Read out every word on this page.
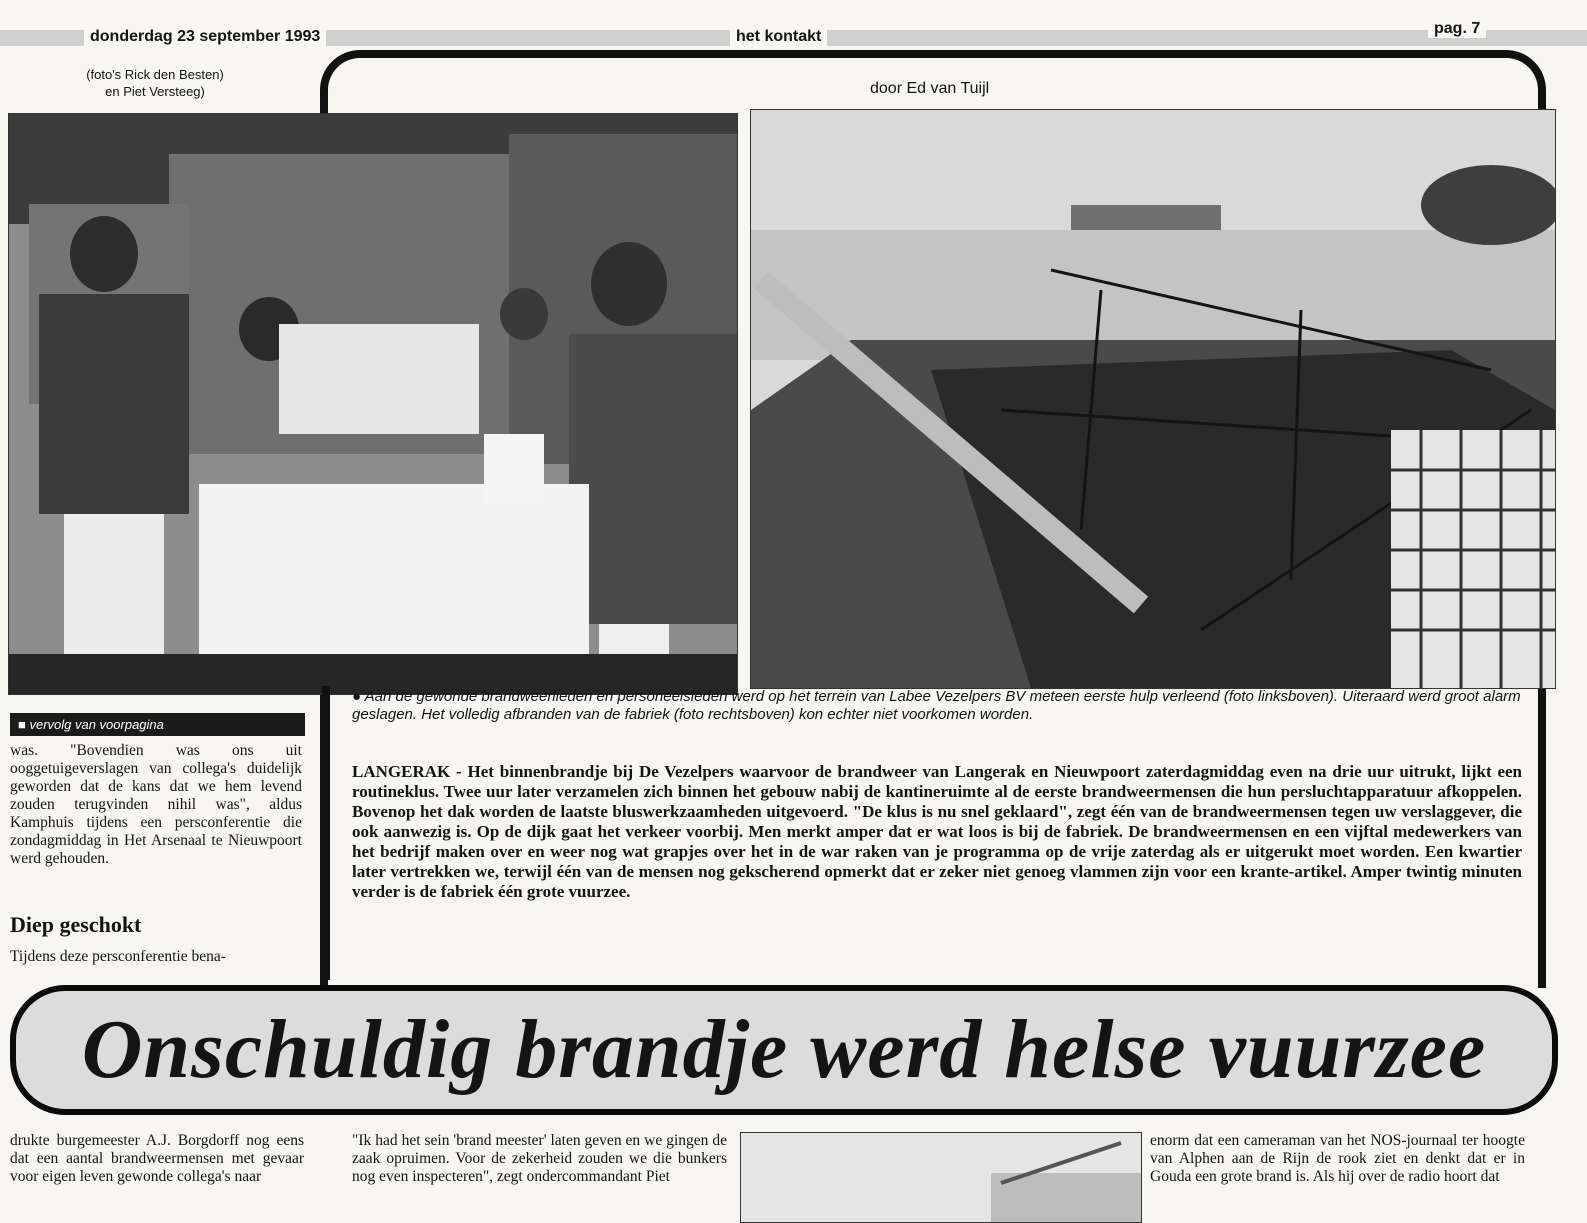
donderdag 23 september 1993	het kontakt	pag. 7
(foto's Rick den Besten)
en Piet Versteeg)	door Ed van Tuijl
■ vervolg van voorpagina
was. "Bovendien was ons uit ooggetuigeverslagen van collega's duidelijk geworden dat de kans dat we hem levend zouden terugvinden nihil was", aldus Kamphuis tijdens een persconferentie die zondagmiddag in Het Arsenaal te Nieuwpoort werd gehouden.
Diep geschokt
Tijdens deze persconferentie bena-
● Aan de gewonde brandweerlieden en personeelsleden werd op het terrein van Labee Vezelpers BV meteen eerste hulp verleend (foto linksboven). Uiteraard werd groot alarm geslagen. Het volledig afbranden van de fabriek (foto rechtsboven) kon echter niet voorkomen worden.
LANGERAK - Het binnenbrandje bij De Vezelpers waarvoor de brandweer van Langerak en Nieuwpoort zaterdagmiddag even na drie uur uitrukt, lijkt een routineklus. Twee uur later verzamelen zich binnen het gebouw nabij de kantineruimte al de eerste brandweermensen die hun persluchtapparatuur afkoppelen. Bovenop het dak worden de laatste bluswerkzaamheden uitgevoerd. "De klus is nu snel geklaard", zegt één van de brandweermensen tegen uw verslaggever, die ook aanwezig is. Op de dijk gaat het verkeer voorbij. Men merkt amper dat er wat loos is bij de fabriek. De brandweermensen en een vijftal medewerkers van het bedrijf maken over en weer nog wat grapjes over het in de war raken van je programma op de vrije zaterdag als er uitgerukt moet worden. Een kwartier later vertrekken we, terwijl één van de mensen nog gekscherend opmerkt dat er zeker niet genoeg vlammen zijn voor een krante-artikel. Amper twintig minuten verder is de fabriek één grote vuurzee.
Onschuldig brandje werd helse vuurzee
drukte burgemeester A.J. Borgdorff nog eens dat een aantal brandweermensen met gevaar voor eigen leven gewonde collega's naar
"Ik had het sein 'brand meester' laten geven en we gingen de zaak opruimen. Voor de zekerheid zouden we die bunkers nog even inspecteren", zegt ondercommandant Piet
enorm dat een cameraman van het NOS-journaal ter hoogte van Alphen aan de Rijn de rook ziet en denkt dat er in Gouda een grote brand is. Als hij over de radio hoort dat
